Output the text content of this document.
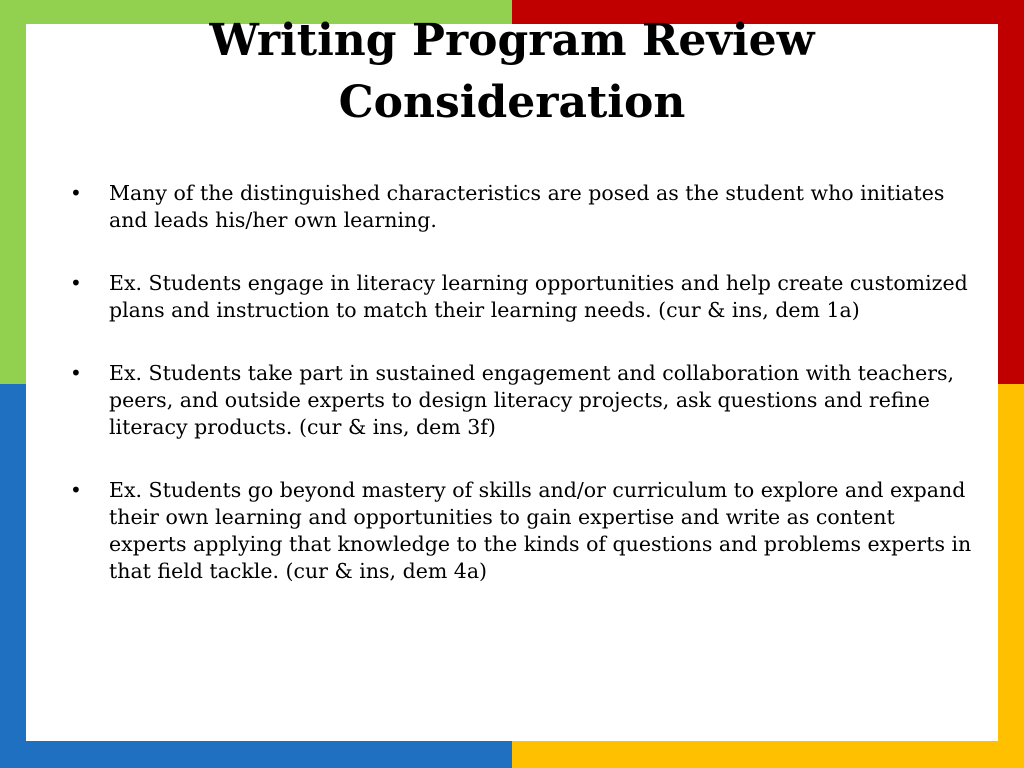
Writing Program Review
Consideration
•	Many of the distinguished characteristics are posed as the student who initiates and leads his/her own learning.
•	Ex. Students engage in literacy learning opportunities and help create customized plans and instruction to match their learning needs. (cur & ins, dem 1a)
•	Ex. Students take part in sustained engagement and collaboration with teachers, peers, and outside experts to design literacy projects, ask questions and refine literacy products. (cur & ins, dem 3f)
•	Ex. Students go beyond mastery of skills and/or curriculum to explore and expand their own learning and opportunities to gain expertise and write as content experts applying that knowledge to the kinds of questions and problems experts in that field tackle. (cur & ins, dem 4a)
